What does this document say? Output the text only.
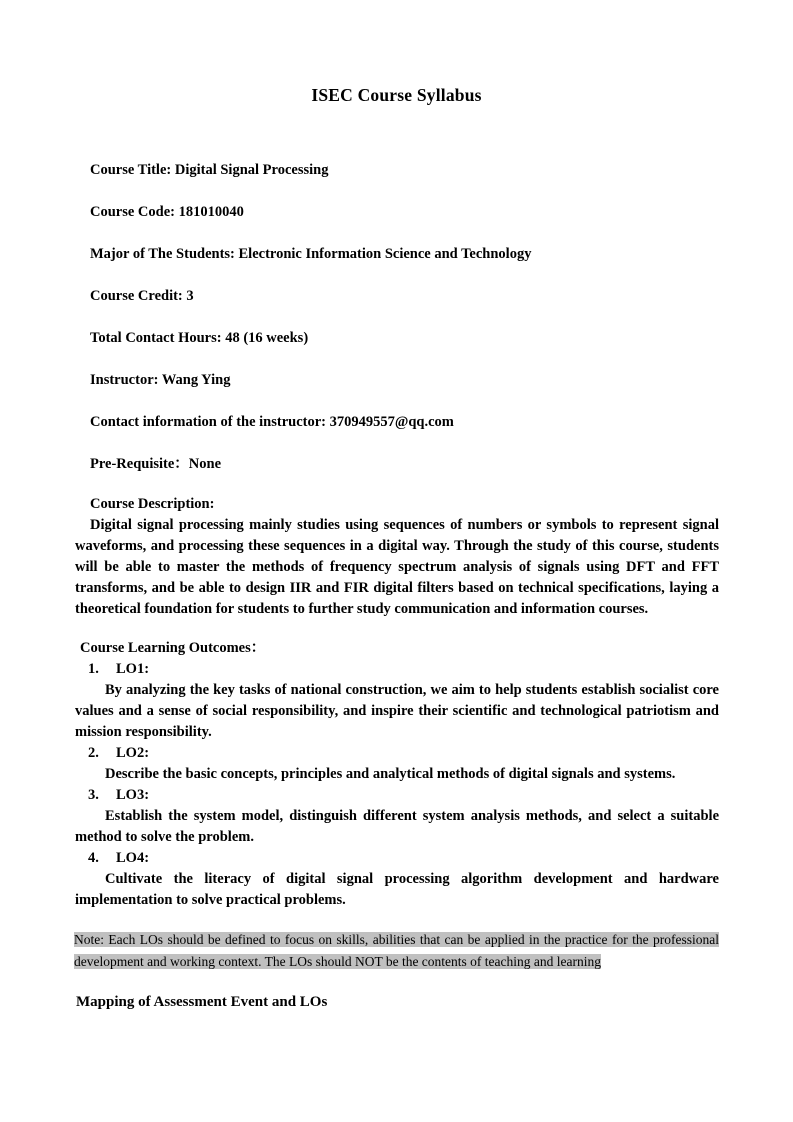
ISEC Course Syllabus
Course Title: Digital Signal Processing
Course Code: 181010040
Major of The Students: Electronic Information Science and Technology
Course Credit: 3
Total Contact Hours: 48 (16 weeks)
Instructor: Wang Ying
Contact information of the instructor: 370949557@qq.com
Pre-Requisite：None
Course Description:

Digital signal processing mainly studies using sequences of numbers or symbols to represent signal waveforms, and processing these sequences in a digital way. Through the study of this course, students will be able to master the methods of frequency spectrum analysis of signals using DFT and FFT transforms, and be able to design IIR and FIR digital filters based on technical specifications, laying a theoretical foundation for students to further study communication and information courses.

Course Learning Outcomes：
1. LO1:

By analyzing the key tasks of national construction, we aim to help students establish socialist core values and a sense of social responsibility, and inspire their scientific and technological patriotism and mission responsibility.

2. LO2:

Describe the basic concepts, principles and analytical methods of digital signals and systems.

3. LO3:

Establish the system model, distinguish different system analysis methods, and select a suitable method to solve the problem.

4. LO4:

Cultivate the literacy of digital signal processing algorithm development and hardware implementation to solve practical problems.

Note: Each LOs should be defined to focus on skills, abilities that can be applied in the practice for the professional development and working context. The LOs should NOT be the contents of teaching and learning
Mapping of Assessment Event and LOs
